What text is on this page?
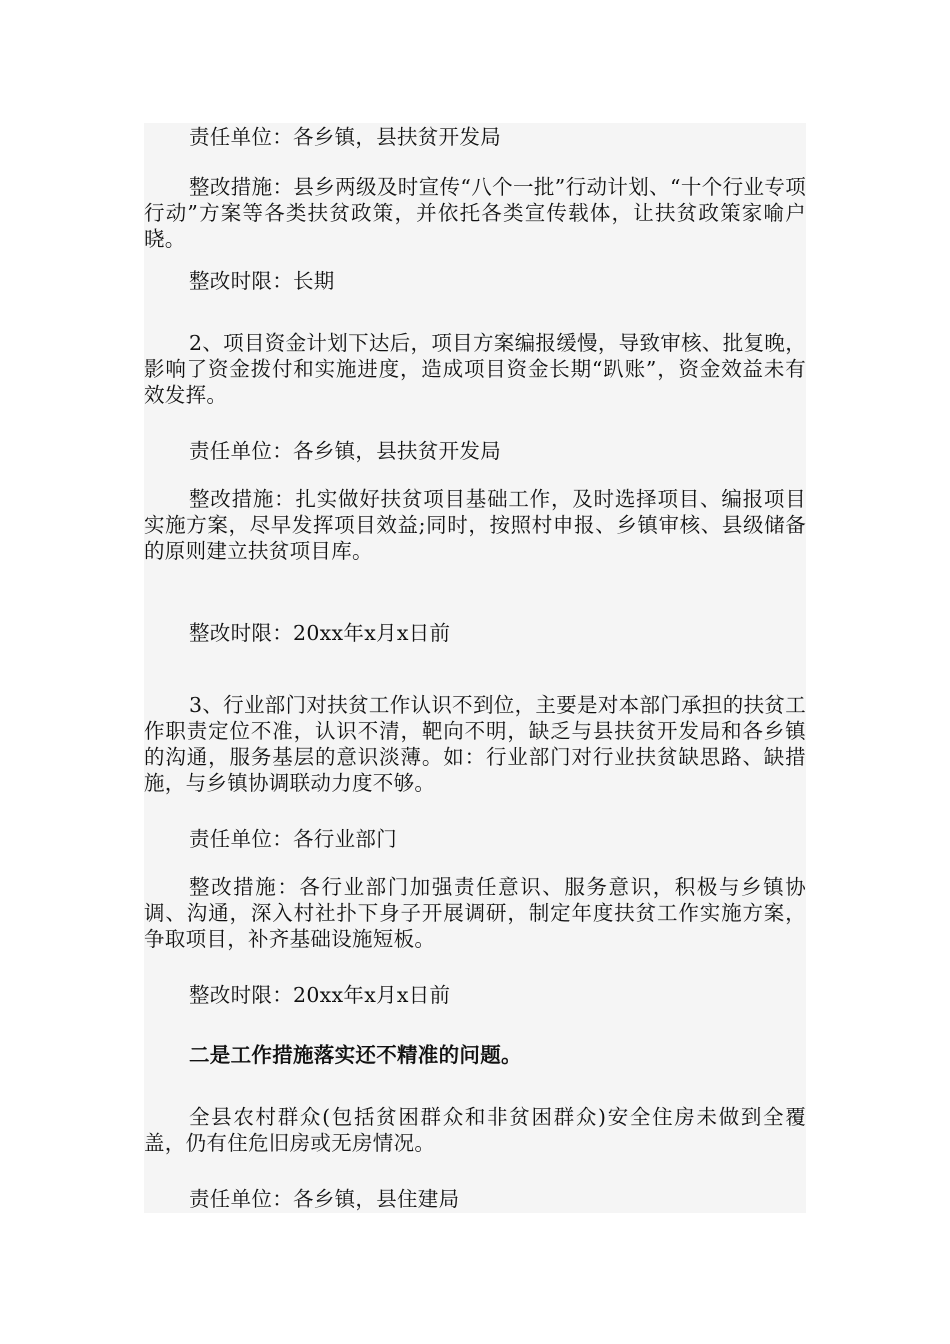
责任单位：各乡镇，县扶贫开发局

整改措施：县乡两级及时宣传“八个一批”行动计划、“十个行业专项行动”方案等各类扶贫政策，并依托各类宣传载体，让扶贫政策家喻户晓。

整改时限：长期

2、项目资金计划下达后，项目方案编报缓慢，导致审核、批复晚，影响了资金拨付和实施进度，造成项目资金长期“趴账”，资金效益未有效发挥。

责任单位：各乡镇，县扶贫开发局

整改措施：扎实做好扶贫项目基础工作，及时选择项目、编报项目实施方案，尽早发挥项目效益;同时，按照村申报、乡镇审核、县级储备的原则建立扶贫项目库。

整改时限：20xx年x月x日前

3、行业部门对扶贫工作认识不到位，主要是对本部门承担的扶贫工作职责定位不准，认识不清，靶向不明，缺乏与县扶贫开发局和各乡镇的沟通，服务基层的意识淡薄。如：行业部门对行业扶贫缺思路、缺措施，与乡镇协调联动力度不够。

责任单位：各行业部门

整改措施：各行业部门加强责任意识、服务意识，积极与乡镇协调、沟通，深入村社扑下身子开展调研，制定年度扶贫工作实施方案，争取项目，补齐基础设施短板。

整改时限：20xx年x月x日前

二是工作措施落实还不精准的问题。

全县农村群众(包括贫困群众和非贫困群众)安全住房未做到全覆盖，仍有住危旧房或无房情况。

责任单位：各乡镇，县住建局
